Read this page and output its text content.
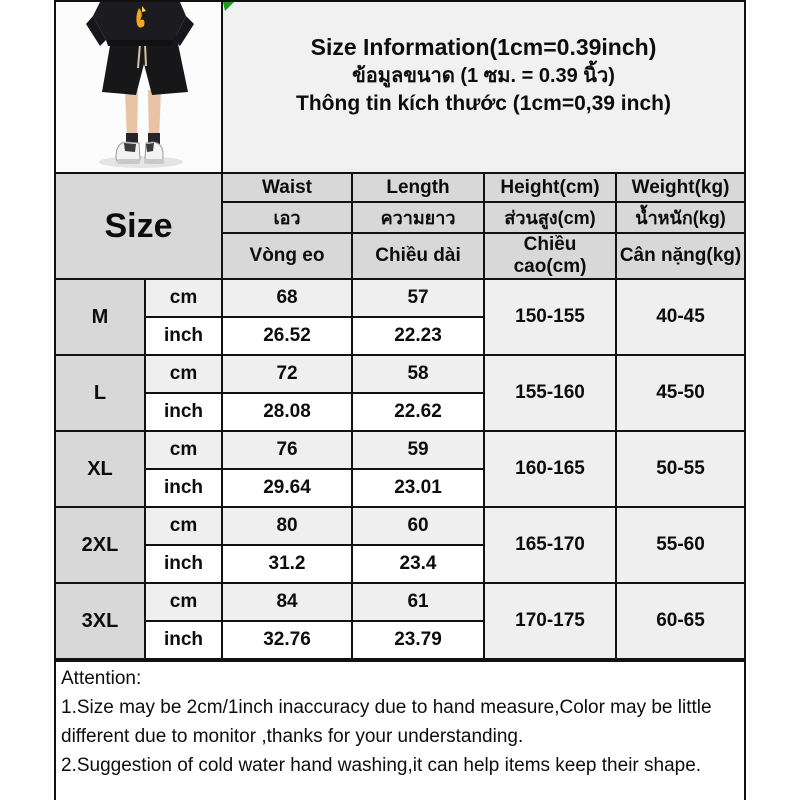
Size Information(1cm=0.39inch)
ข้อมูลขนาด (1 ซม. = 0.39 นิ้ว)
Thông tin kích thước (1cm=0,39 inch)
Size		Waist	Length	Height(cm)	Weight(kg)
		เอว	ความยาว	ส่วนสูง(cm)	น้ำหนัก(kg)
		Vòng eo	Chiều dài	Chiều cao(cm)	Cân nặng(kg)
M	cm	68	57	150-155	40-45
	inch	26.52	22.23		
L	cm	72	58	155-160	45-50
	inch	28.08	22.62		
XL	cm	76	59	160-165	50-55
	inch	29.64	23.01		
2XL	cm	80	60	165-170	55-60
	inch	31.2	23.4		
3XL	cm	84	61	170-175	60-65
	inch	32.76	23.79		
Attention:
1.Size may be 2cm/1inch inaccuracy due to hand measure,Color may be little different due to monitor ,thanks for your understanding.
2.Suggestion of cold water hand washing,it can help items keep their shape.
